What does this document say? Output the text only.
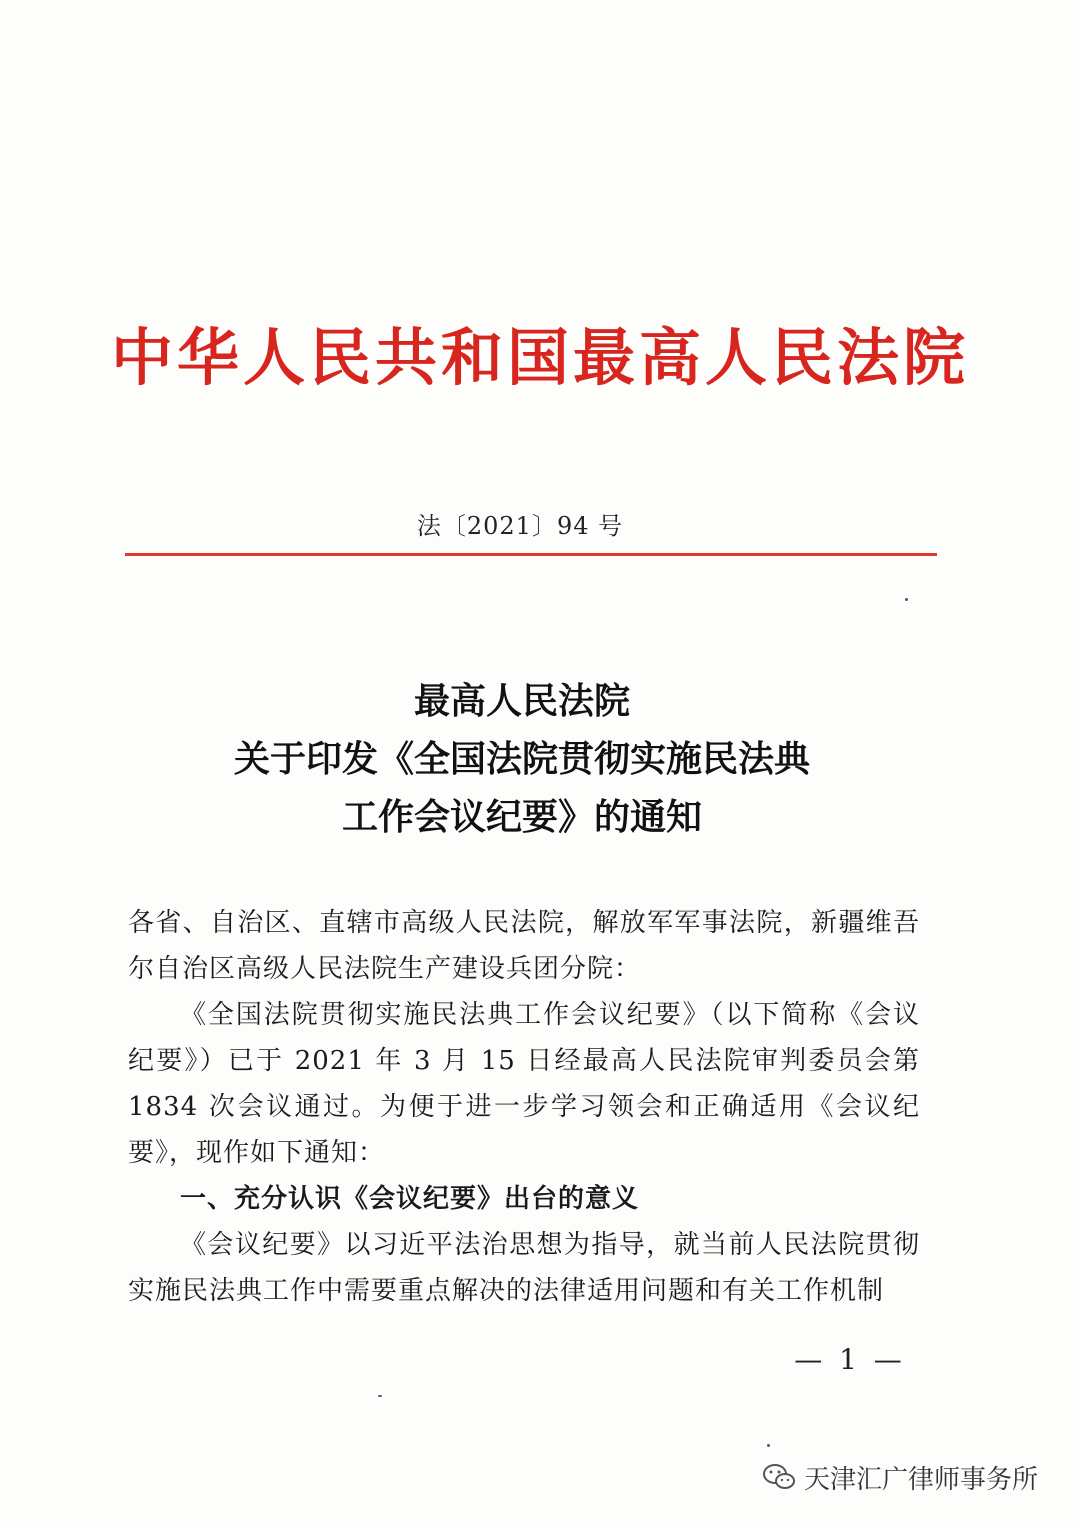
中华人民共和国最高人民法院
法〔2021〕94 号
最高人民法院
关于印发《全国法院贯彻实施民法典
工作会议纪要》的通知

各省、自治区、直辖市高级人民法院，解放军军事法院，新疆维吾尔自治区高级人民法院生产建设兵团分院：

《全国法院贯彻实施民法典工作会议纪要》（以下简称《会议纪要》）已于 2021 年 3 月 15 日经最高人民法院审判委员会第 1834 次会议通过。为便于进一步学习领会和正确适用《会议纪要》，现作如下通知：

一、充分认识《会议纪要》出台的意义

《会议纪要》以习近平法治思想为指导，就当前人民法院贯彻实施民法典工作中需要重点解决的法律适用问题和有关工作机制

— 1 —
天津汇广律师事务所
